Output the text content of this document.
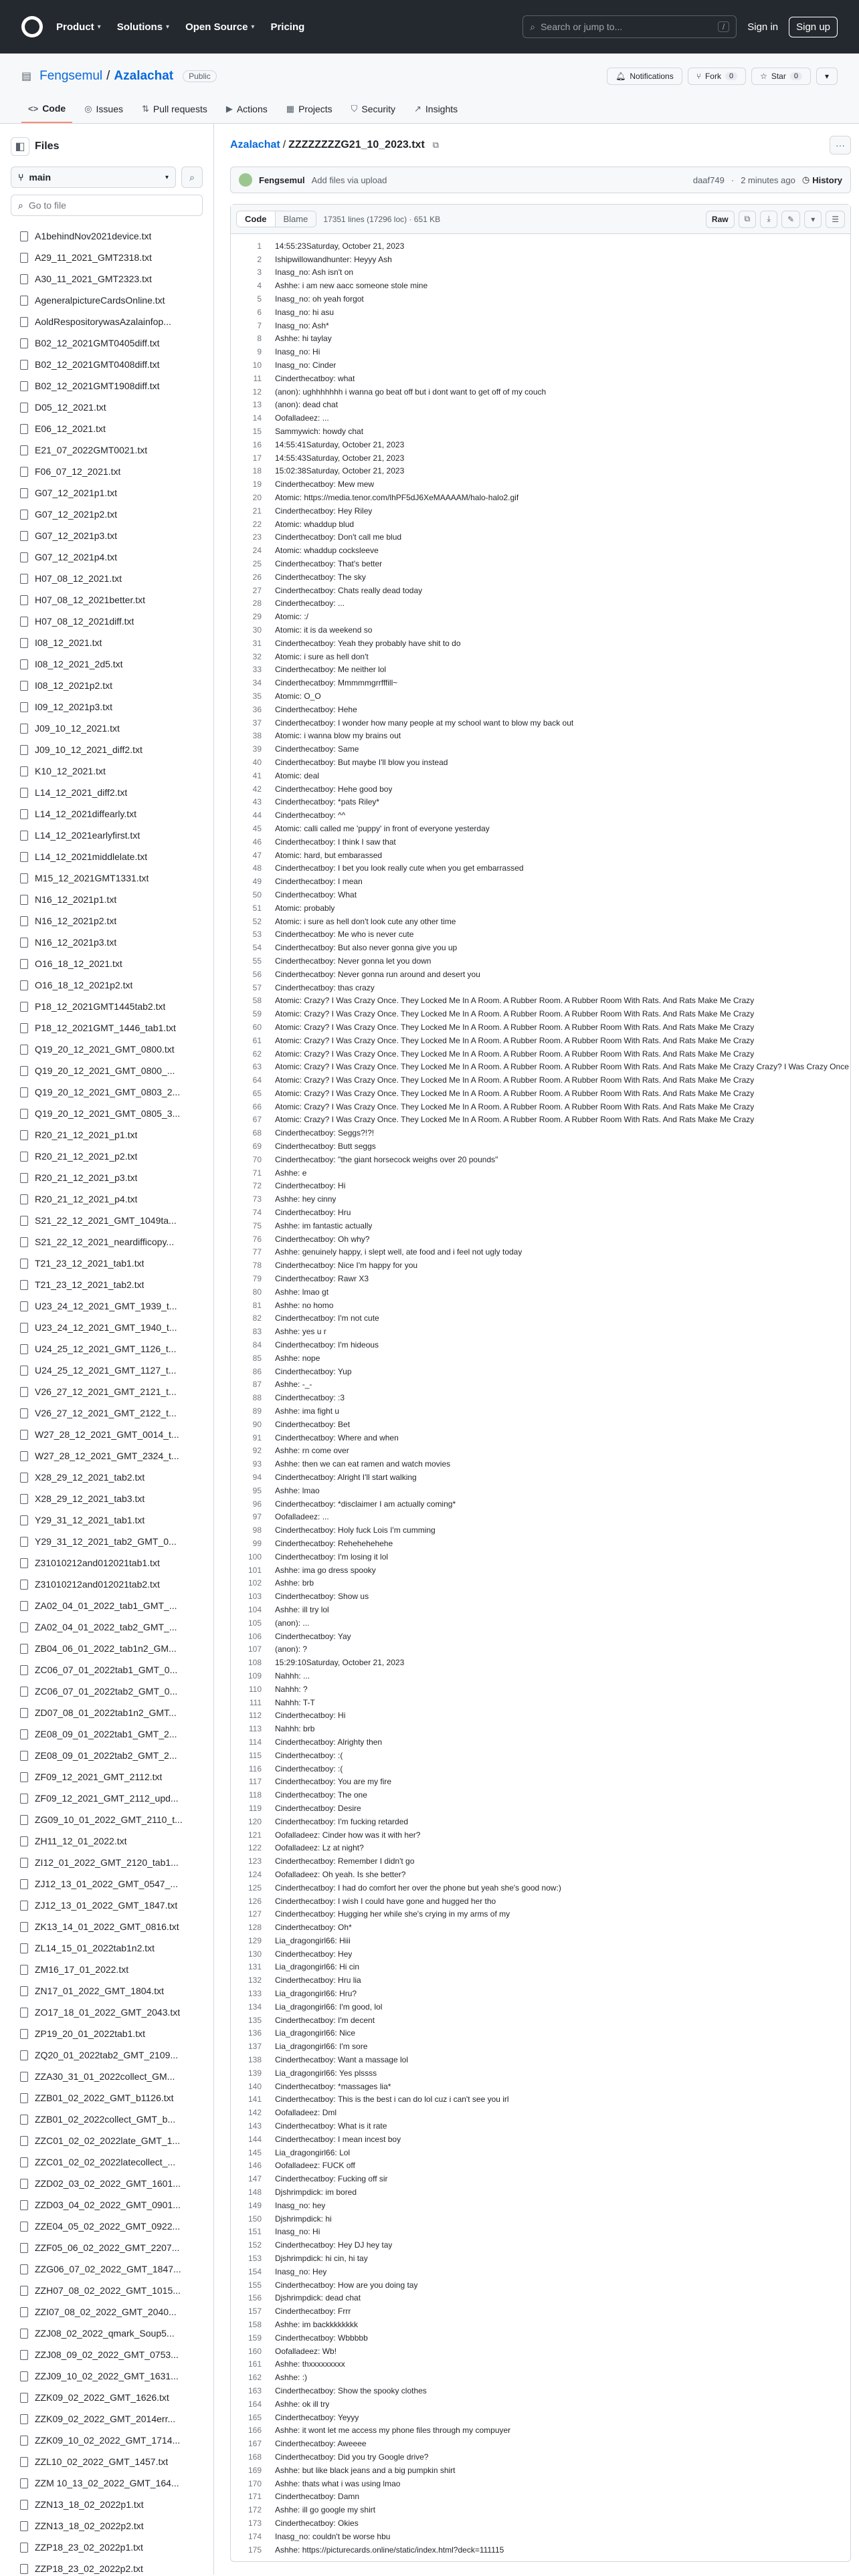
Product ▾ Solutions ▾ Open Source ▾ Pricing	⌕ Search or jump to...	/	Sign in	Sign up
▤ Fengsemul / Azalachat	Public	🔔︎ Notifications	⑂ Fork	0	☆ Star	0	▾
<> Code ◎ Issues ⇅ Pull requests ▶ Actions ▦ Projects ⛉ Security ↗ Insights
◧ Files
⑂ main	▾ ⌕
⌕
Go to file
A1behindNov2021device.txt
A29_11_2021_GMT2318.txt
A30_11_2021_GMT2323.txt
AgeneralpictureCardsOnline.txt
AoldRespositorywasAzalainfop...
B02_12_2021GMT0405diff.txt
B02_12_2021GMT0408diff.txt
B02_12_2021GMT1908diff.txt
D05_12_2021.txt
E06_12_2021.txt
E21_07_2022GMT0021.txt
F06_07_12_2021.txt
G07_12_2021p1.txt
G07_12_2021p2.txt
G07_12_2021p3.txt
G07_12_2021p4.txt
H07_08_12_2021.txt
H07_08_12_2021better.txt
H07_08_12_2021diff.txt
I08_12_2021.txt
I08_12_2021_2d5.txt
I08_12_2021p2.txt
I09_12_2021p3.txt
J09_10_12_2021.txt
J09_10_12_2021_diff2.txt
K10_12_2021.txt
L14_12_2021_diff2.txt
L14_12_2021diffearly.txt
L14_12_2021earlyfirst.txt
L14_12_2021middlelate.txt
M15_12_2021GMT1331.txt
N16_12_2021p1.txt
N16_12_2021p2.txt
N16_12_2021p3.txt
O16_18_12_2021.txt
O16_18_12_2021p2.txt
P18_12_2021GMT1445tab2.txt
P18_12_2021GMT_1446_tab1.txt
Q19_20_12_2021_GMT_0800.txt
Q19_20_12_2021_GMT_0800_...
Q19_20_12_2021_GMT_0803_2...
Q19_20_12_2021_GMT_0805_3...
R20_21_12_2021_p1.txt
R20_21_12_2021_p2.txt
R20_21_12_2021_p3.txt
R20_21_12_2021_p4.txt
S21_22_12_2021_GMT_1049ta...
S21_22_12_2021_neardifficopy...
T21_23_12_2021_tab1.txt
T21_23_12_2021_tab2.txt
U23_24_12_2021_GMT_1939_t...
U23_24_12_2021_GMT_1940_t...
U24_25_12_2021_GMT_1126_t...
U24_25_12_2021_GMT_1127_t...
V26_27_12_2021_GMT_2121_t...
V26_27_12_2021_GMT_2122_t...
W27_28_12_2021_GMT_0014_t...
W27_28_12_2021_GMT_2324_t...
X28_29_12_2021_tab2.txt
X28_29_12_2021_tab3.txt
Y29_31_12_2021_tab1.txt
Y29_31_12_2021_tab2_GMT_0...
Z31010212and012021tab1.txt
Z31010212and012021tab2.txt
ZA02_04_01_2022_tab1_GMT_...
ZA02_04_01_2022_tab2_GMT_...
ZB04_06_01_2022_tab1n2_GM...
ZC06_07_01_2022tab1_GMT_0...
ZC06_07_01_2022tab2_GMT_0...
ZD07_08_01_2022tab1n2_GMT...
ZE08_09_01_2022tab1_GMT_2...
ZE08_09_01_2022tab2_GMT_2...
ZF09_12_2021_GMT_2112.txt
ZF09_12_2021_GMT_2112_upd...
ZG09_10_01_2022_GMT_2110_t...
ZH11_12_01_2022.txt
ZI12_01_2022_GMT_2120_tab1...
ZJ12_13_01_2022_GMT_0547_...
ZJ12_13_01_2022_GMT_1847.txt
ZK13_14_01_2022_GMT_0816.txt
ZL14_15_01_2022tab1n2.txt
ZM16_17_01_2022.txt
ZN17_01_2022_GMT_1804.txt
ZO17_18_01_2022_GMT_2043.txt
ZP19_20_01_2022tab1.txt
ZQ20_01_2022tab2_GMT_2109...
ZZA30_31_01_2022collect_GM...
ZZB01_02_2022_GMT_b1126.txt
ZZB01_02_2022collect_GMT_b...
ZZC01_02_02_2022late_GMT_1...
ZZC01_02_02_2022latecollect_...
ZZD02_03_02_2022_GMT_1601...
ZZD03_04_02_2022_GMT_0901...
ZZE04_05_02_2022_GMT_0922...
ZZF05_06_02_2022_GMT_2207...
ZZG06_07_02_2022_GMT_1847...
ZZH07_08_02_2022_GMT_1015...
ZZI07_08_02_2022_GMT_2040...
ZZJ08_02_2022_qmark_Soup5...
ZZJ08_09_02_2022_GMT_0753...
ZZJ09_10_02_2022_GMT_1631...
ZZK09_02_2022_GMT_1626.txt
ZZK09_02_2022_GMT_2014err...
ZZK09_10_02_2022_GMT_1714...
ZZL10_02_2022_GMT_1457.txt
ZZM 10_13_02_2022_GMT_164...
ZZN13_18_02_2022p1.txt
ZZN13_18_02_2022p2.txt
ZZP18_23_02_2022p1.txt
ZZP18_23_02_2022p2.txt
Azalachat / ZZZZZZZZG21_10_2023.txt ⧉	···
Fengsemul Add files via upload	daaf749 · 2 minutes ago ◷ History
Code	Blame	17351 lines (17296 loc) · 651 KB	Raw	⧉ ⤓ ✎ ▾ ☰
1	14:55:23Saturday, October 21, 2023
2	Ishipwillowandhunter: Heyyy Ash
3	Inasg_no: Ash isn't on
4	Ashhe: i am new aacc someone stole mine
5	Inasg_no: oh yeah forgot
6	Inasg_no: hi asu
7	Inasg_no: Ash*
8	Ashhe: hi taylay
9	Inasg_no: Hi
10	Inasg_no: Cinder
11	Cinderthecatboy: what
12	(anon): ughhhhhhh i wanna go beat off but i dont want to get off of my couch
13	(anon): dead chat
14	Oofalladeez: ...
15	Sammywich: howdy chat
16	14:55:41Saturday, October 21, 2023
17	14:55:43Saturday, October 21, 2023
18	15:02:38Saturday, October 21, 2023
19	Cinderthecatboy: Mew mew
20	Atomic: https://media.tenor.com/lhPF5dJ6XeMAAAAM/halo-halo2.gif
21	Cinderthecatboy: Hey Riley
22	Atomic: whaddup blud
23	Cinderthecatboy: Don't call me blud
24	Atomic: whaddup cocksleeve
25	Cinderthecatboy: That's better
26	Cinderthecatboy: The sky
27	Cinderthecatboy: Chats really dead today
28	Cinderthecatboy: ...
29	Atomic: :/
30	Atomic: it is da weekend so
31	Cinderthecatboy: Yeah they probably have shit to do
32	Atomic: i sure as hell don't
33	Cinderthecatboy: Me neither lol
34	Cinderthecatboy: Mmmmmgrrfffill~
35	Atomic: O_O
36	Cinderthecatboy: Hehe
37	Cinderthecatboy: I wonder how many people at my school want to blow my back out
38	Atomic: i wanna blow my brains out
39	Cinderthecatboy: Same
40	Cinderthecatboy: But maybe I'll blow you instead
41	Atomic: deal
42	Cinderthecatboy: Hehe good boy
43	Cinderthecatboy: *pats Riley*
44	Cinderthecatboy: ^^
45	Atomic: calli called me 'puppy' in front of everyone yesterday
46	Cinderthecatboy: I think I saw that
47	Atomic: hard, but embarassed
48	Cinderthecatboy: I bet you look really cute when you get embarrassed
49	Cinderthecatboy: I mean
50	Cinderthecatboy: What
51	Atomic: probably
52	Atomic: i sure as hell don't look cute any other time
53	Cinderthecatboy: Me who is never cute
54	Cinderthecatboy: But also never gonna give you up
55	Cinderthecatboy: Never gonna let you down
56	Cinderthecatboy: Never gonna run around and desert you
57	Cinderthecatboy: thas crazy
58	Atomic: Crazy? I Was Crazy Once. They Locked Me In A Room. A Rubber Room. A Rubber Room With Rats. And Rats Make Me Crazy
59	Atomic: Crazy? I Was Crazy Once. They Locked Me In A Room. A Rubber Room. A Rubber Room With Rats. And Rats Make Me Crazy
60	Atomic: Crazy? I Was Crazy Once. They Locked Me In A Room. A Rubber Room. A Rubber Room With Rats. And Rats Make Me Crazy
61	Atomic: Crazy? I Was Crazy Once. They Locked Me In A Room. A Rubber Room. A Rubber Room With Rats. And Rats Make Me Crazy
62	Atomic: Crazy? I Was Crazy Once. They Locked Me In A Room. A Rubber Room. A Rubber Room With Rats. And Rats Make Me Crazy
63	Atomic: Crazy? I Was Crazy Once. They Locked Me In A Room. A Rubber Room. A Rubber Room With Rats. And Rats Make Me Crazy Crazy? I Was Crazy Once
64	Atomic: Crazy? I Was Crazy Once. They Locked Me In A Room. A Rubber Room. A Rubber Room With Rats. And Rats Make Me Crazy
65	Atomic: Crazy? I Was Crazy Once. They Locked Me In A Room. A Rubber Room. A Rubber Room With Rats. And Rats Make Me Crazy
66	Atomic: Crazy? I Was Crazy Once. They Locked Me In A Room. A Rubber Room. A Rubber Room With Rats. And Rats Make Me Crazy
67	Atomic: Crazy? I Was Crazy Once. They Locked Me In A Room. A Rubber Room. A Rubber Room With Rats. And Rats Make Me Crazy
68	Cinderthecatboy: Seggs?!?!
69	Cinderthecatboy: Butt seggs
70	Cinderthecatboy: "the giant horsecock weighs over 20 pounds"
71	Ashhe: e
72	Cinderthecatboy: Hi
73	Ashhe: hey cinny
74	Cinderthecatboy: Hru
75	Ashhe: im fantastic actually
76	Cinderthecatboy: Oh why?
77	Ashhe: genuinely happy, i slept well, ate food and i feel not ugly today
78	Cinderthecatboy: Nice I'm happy for you
79	Cinderthecatboy: Rawr X3
80	Ashhe: lmao gt
81	Ashhe: no homo
82	Cinderthecatboy: I'm not cute
83	Ashhe: yes u r
84	Cinderthecatboy: I'm hideous
85	Ashhe: nope
86	Cinderthecatboy: Yup
87	Ashhe: -_-
88	Cinderthecatboy: :3
89	Ashhe: ima fight u
90	Cinderthecatboy: Bet
91	Cinderthecatboy: Where and when
92	Ashhe: rn come over
93	Ashhe: then we can eat ramen and watch movies
94	Cinderthecatboy: Alright I'll start walking
95	Ashhe: lmao
96	Cinderthecatboy: *disclaimer I am actually coming*
97	Oofalladeez: ...
98	Cinderthecatboy: Holy fuck Lois I'm cumming
99	Cinderthecatboy: Rehehehehehe
100	Cinderthecatboy: I'm losing it lol
101	Ashhe: ima go dress spooky
102	Ashhe: brb
103	Cinderthecatboy: Show us
104	Ashhe: ill try lol
105	(anon): ...
106	Cinderthecatboy: Yay
107	(anon): ?
108	15:29:10Saturday, October 21, 2023
109	Nahhh: ...
110	Nahhh: ?
111	Nahhh: T-T
112	Cinderthecatboy: Hi
113	Nahhh: brb
114	Cinderthecatboy: Alrighty then
115	Cinderthecatboy: :(
116	Cinderthecatboy: :(
117	Cinderthecatboy: You are my fire
118	Cinderthecatboy: The one
119	Cinderthecatboy: Desire
120	Cinderthecatboy: I'm fucking retarded
121	Oofalladeez: Cinder how was it with her?
122	Oofalladeez: Lz at night?
123	Cinderthecatboy: Remember I didn't go
124	Oofalladeez: Oh yeah. Is she better?
125	Cinderthecatboy: I had do comfort her over the phone but yeah she's good now:)
126	Cinderthecatboy: I wish I could have gone and hugged her tho
127	Cinderthecatboy: Hugging her while she's crying in my arms of my
128	Cinderthecatboy: Oh*
129	Lia_dragongirl66: Hiii
130	Cinderthecatboy: Hey
131	Lia_dragongirl66: Hi cin
132	Cinderthecatboy: Hru lia
133	Lia_dragongirl66: Hru?
134	Lia_dragongirl66: I'm good, lol
135	Cinderthecatboy: I'm decent
136	Lia_dragongirl66: Nice
137	Lia_dragongirl66: I'm sore
138	Cinderthecatboy: Want a massage lol
139	Lia_dragongirl66: Yes plssss
140	Cinderthecatboy: *massages lia*
141	Cinderthecatboy: This is the best i can do lol cuz i can't see you irl
142	Oofalladeez: Dml
143	Cinderthecatboy: What is it rate
144	Cinderthecatboy: I mean incest boy
145	Lia_dragongirl66: Lol
146	Oofalladeez: FUCK off
147	Cinderthecatboy: Fucking off sir
148	Djshrimpdick: im bored
149	Inasg_no: hey
150	Djshrimpdick: hi
151	Inasg_no: Hi
152	Cinderthecatboy: Hey DJ hey tay
153	Djshrimpdick: hi cin, hi tay
154	Inasg_no: Hey
155	Cinderthecatboy: How are you doing tay
156	Djshrimpdick: dead chat
157	Cinderthecatboy: Frrr
158	Ashhe: im backkkkkkkk
159	Cinderthecatboy: Wbbbbb
160	Oofalladeez: Wb!
161	Ashhe: thxxxxxxxxx
162	Ashhe: :)
163	Cinderthecatboy: Show the spooky clothes
164	Ashhe: ok ill try
165	Cinderthecatboy: Yeyyy
166	Ashhe: it wont let me access my phone files through my compuyer
167	Cinderthecatboy: Aweeee
168	Cinderthecatboy: Did you try Google drive?
169	Ashhe: but like black jeans and a big pumpkin shirt
170	Ashhe: thats what i was using lmao
171	Cinderthecatboy: Damn
172	Ashhe: ill go google my shirt
173	Cinderthecatboy: Okies
174	Inasg_no: couldn't be worse hbu
175	Ashhe: https://picturecards.online/static/index.html?deck=111115
